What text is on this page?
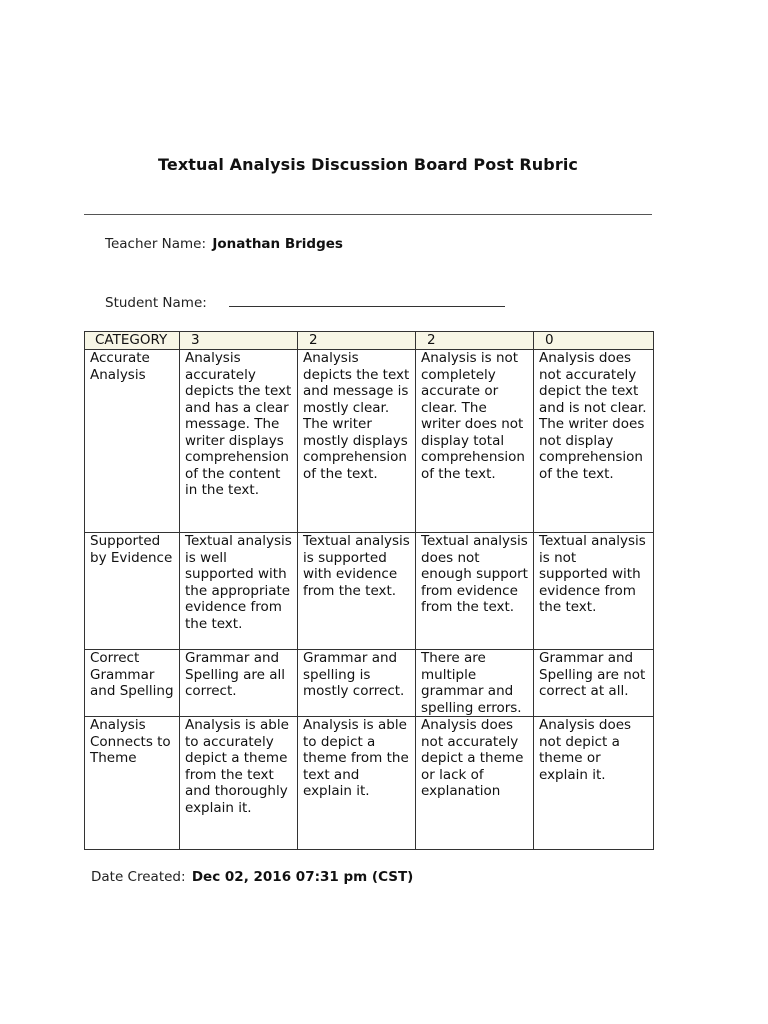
Textual Analysis Discussion Board Post Rubric
Teacher Name: Jonathan Bridges
Student Name:
CATEGORY	3	2	2	0
Accurate Analysis	Analysis accurately depicts the text and has a clear message. The writer displays comprehension of the content in the text.	Analysis depicts the text and message is mostly clear. The writer mostly displays comprehension of the text.	Analysis is not completely accurate or clear. The writer does not display total comprehension of the text.	Analysis does not accurately depict the text and is not clear. The writer does not display comprehension of the text.
Supported by Evidence	Textual analysis is well supported with the appropriate evidence from the text.	Textual analysis is supported with evidence from the text.	Textual analysis does not enough support from evidence from the text.	Textual analysis is not supported with evidence from the text.
Correct Grammar and Spelling	Grammar and Spelling are all correct.	Grammar and spelling is mostly correct.	There are multiple grammar and spelling errors.	Grammar and Spelling are not correct at all.
Analysis Connects to Theme	Analysis is able to accurately depict a theme from the text and thoroughly explain it.	Analysis is able to depict a theme from the text and explain it.	Analysis does not accurately depict a theme or lack of explanation	Analysis does not depict a theme or explain it.
Date Created: Dec 02, 2016 07:31 pm (CST)
